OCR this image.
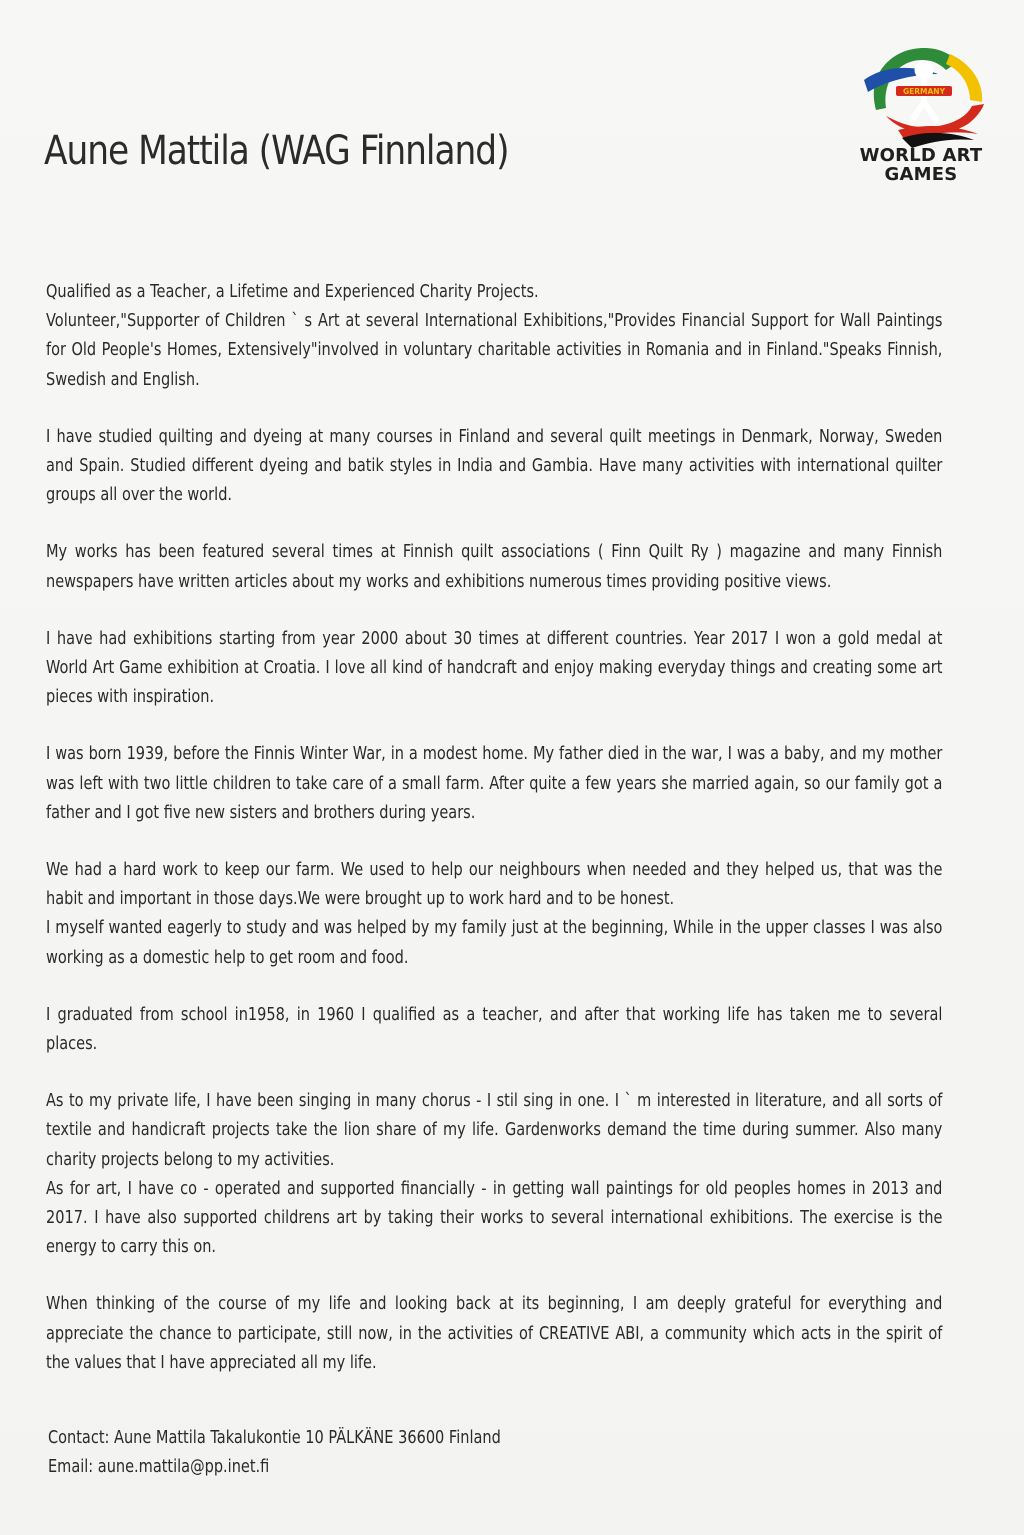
Aune Mattila (WAG Finnland)
GERMANY
WORLD ART
GAMES
Qualified as a Teacher, a Lifetime and Experienced Charity Projects.
Volunteer,"Supporter of Children ` s Art at several International Exhibitions,"Provides Financial Support for Wall Paintings for Old People's Homes, Extensively"involved in voluntary charitable activities in Romania and in Finland."Speaks Finnish, Swedish and English.
I have studied quilting and dyeing at many courses in Finland and several quilt meetings in Denmark, Norway, Sweden and Spain. Studied different dyeing and batik styles in India and Gambia. Have many activities with international quilter groups all over the world.
My works has been featured several times at Finnish quilt associations ( Finn Quilt Ry ) magazine and many Finnish newspapers have written articles about my works and exhibitions numerous times providing positive views.
I have had exhibitions starting from year 2000 about 30 times at different countries. Year 2017 I won a gold medal at World Art Game exhibition at Croatia. I love all kind of handcraft and enjoy making everyday things and creating some art pieces with inspiration.
I was born 1939, before the Finnis Winter War, in a modest home. My father died in the war, I was a baby, and my mother was left with two little children to take care of a small farm. After quite a few years she married again, so our family got a father and I got five new sisters and brothers during years.
We had a hard work to keep our farm. We used to help our neighbours when needed and they helped us, that was the habit and important in those days.We were brought up to work hard and to be honest.
I myself wanted eagerly to study and was helped by my family just at the beginning, While in the upper classes I was also working as a domestic help to get room and food.
I graduated from school in1958, in 1960 I qualified as a teacher, and after that working life has taken me to several places.
As to my private life, I have been singing in many chorus - I stil sing in one. I ` m interested in literature, and all sorts of textile and handicraft projects take the lion share of my life. Gardenworks demand the time during summer. Also many charity projects belong to my activities.
As for art, I have co - operated and supported financially - in getting wall paintings for old peoples homes in 2013 and 2017. I have also supported childrens art by taking their works to several international exhibitions. The exercise is the energy to carry this on.
When thinking of the course of my life and looking back at its beginning, I am deeply grateful for everything and appreciate the chance to participate, still now, in the activities of CREATIVE ABI, a community which acts in the spirit of the values that I have appreciated all my life.
Contact: Aune Mattila Takalukontie 10 PÄLKÄNE 36600 Finland
Email: aune.mattila@pp.inet.fi
